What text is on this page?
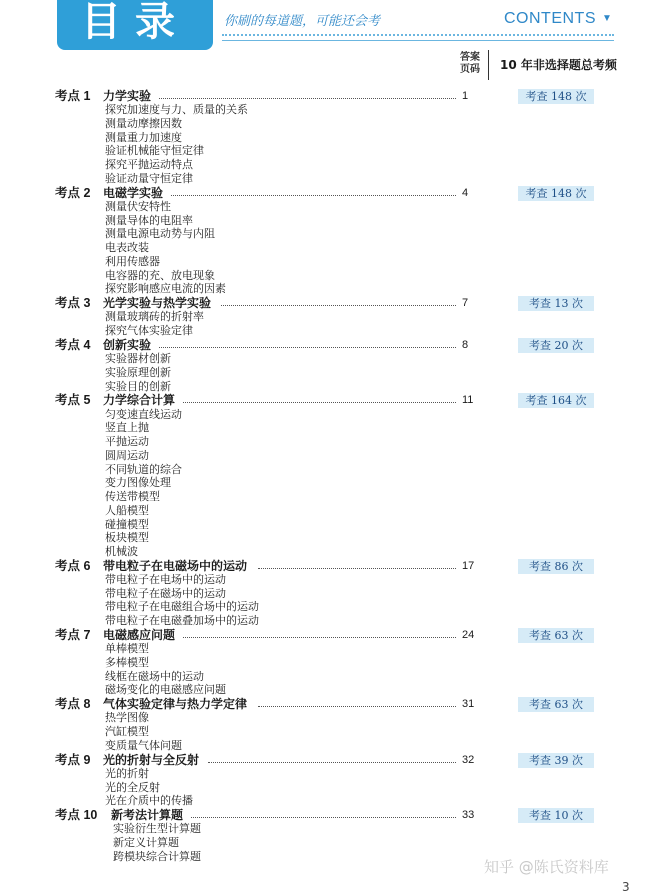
目录	你刷的每道题，可能还会考	CONTENTS ▼
答案
页码 10 年非选择题总考频
考点 1 力学实验	1	考查 148 次
探究加速度与力、质量的关系
测量动摩擦因数
测量重力加速度
验证机械能守恒定律
探究平抛运动特点
验证动量守恒定律
考点 2 电磁学实验	4	考查 148 次
测量伏安特性
测量导体的电阻率
测量电源电动势与内阻
电表改装
利用传感器
电容器的充、放电现象
探究影响感应电流的因素
考点 3 光学实验与热学实验	7	考查 13 次
测量玻璃砖的折射率
探究气体实验定律
考点 4 创新实验	8	考查 20 次
实验器材创新
实验原理创新
实验目的创新
考点 5 力学综合计算	11	考查 164 次
匀变速直线运动
竖直上抛
平抛运动
圆周运动
不同轨道的综合
变力图像处理
传送带模型
人船模型
碰撞模型
板块模型
机械波
考点 6 带电粒子在电磁场中的运动	17	考查 86 次
带电粒子在电场中的运动
带电粒子在磁场中的运动
带电粒子在电磁组合场中的运动
带电粒子在电磁叠加场中的运动
考点 7 电磁感应问题	24	考查 63 次
单棒模型
多棒模型
线框在磁场中的运动
磁场变化的电磁感应问题
考点 8 气体实验定律与热力学定律	31	考查 63 次
热学图像
汽缸模型
变质量气体问题
考点 9 光的折射与全反射	32	考查 39 次
光的折射
光的全反射
光在介质中的传播
考点 10 新考法计算题	33	考查 10 次
实验衍生型计算题
新定义计算题
跨模块综合计算题
知乎 @陈氏资料库
3
